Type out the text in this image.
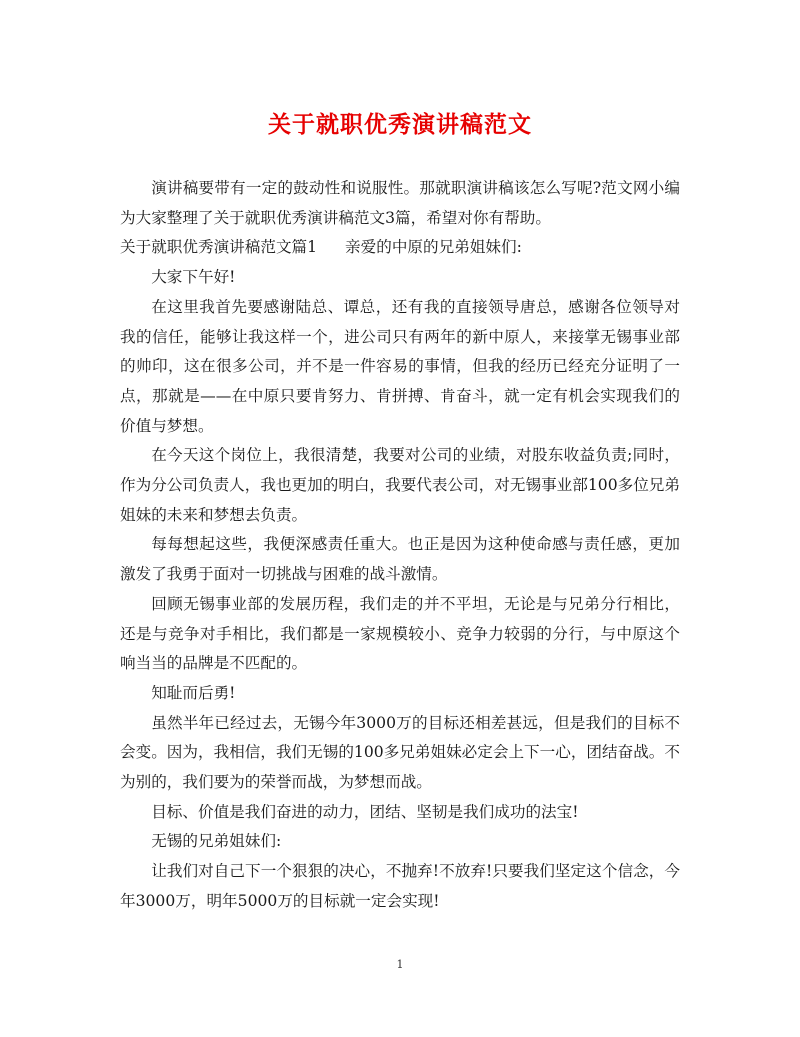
关于就职优秀演讲稿范文

演讲稿要带有一定的鼓动性和说服性。那就职演讲稿该怎么写呢?范文网小编为大家整理了关于就职优秀演讲稿范文3篇，希望对你有帮助。

关于就职优秀演讲稿范文篇1 亲爱的中原的兄弟姐妹们:

大家下午好!

在这里我首先要感谢陆总、谭总，还有我的直接领导唐总，感谢各位领导对我的信任，能够让我这样一个，进公司只有两年的新中原人，来接掌无锡事业部的帅印，这在很多公司，并不是一件容易的事情，但我的经历已经充分证明了一点，那就是——在中原只要肯努力、肯拼搏、肯奋斗，就一定有机会实现我们的价值与梦想。

在今天这个岗位上，我很清楚，我要对公司的业绩，对股东收益负责;同时，作为分公司负责人，我也更加的明白，我要代表公司，对无锡事业部100多位兄弟姐妹的未来和梦想去负责。

每每想起这些，我便深感责任重大。也正是因为这种使命感与责任感，更加激发了我勇于面对一切挑战与困难的战斗激情。

回顾无锡事业部的发展历程，我们走的并不平坦，无论是与兄弟分行相比，还是与竞争对手相比，我们都是一家规模较小、竞争力较弱的分行，与中原这个响当当的品牌是不匹配的。

知耻而后勇!

虽然半年已经过去，无锡今年3000万的目标还相差甚远，但是我们的目标不会变。因为，我相信，我们无锡的100多兄弟姐妹必定会上下一心，团结奋战。不为别的，我们要为的荣誉而战，为梦想而战。

目标、价值是我们奋进的动力，团结、坚韧是我们成功的法宝!

无锡的兄弟姐妹们:

让我们对自己下一个狠狠的决心，不抛弃!不放弃!只要我们坚定这个信念，今年3000万，明年5000万的目标就一定会实现!

1
